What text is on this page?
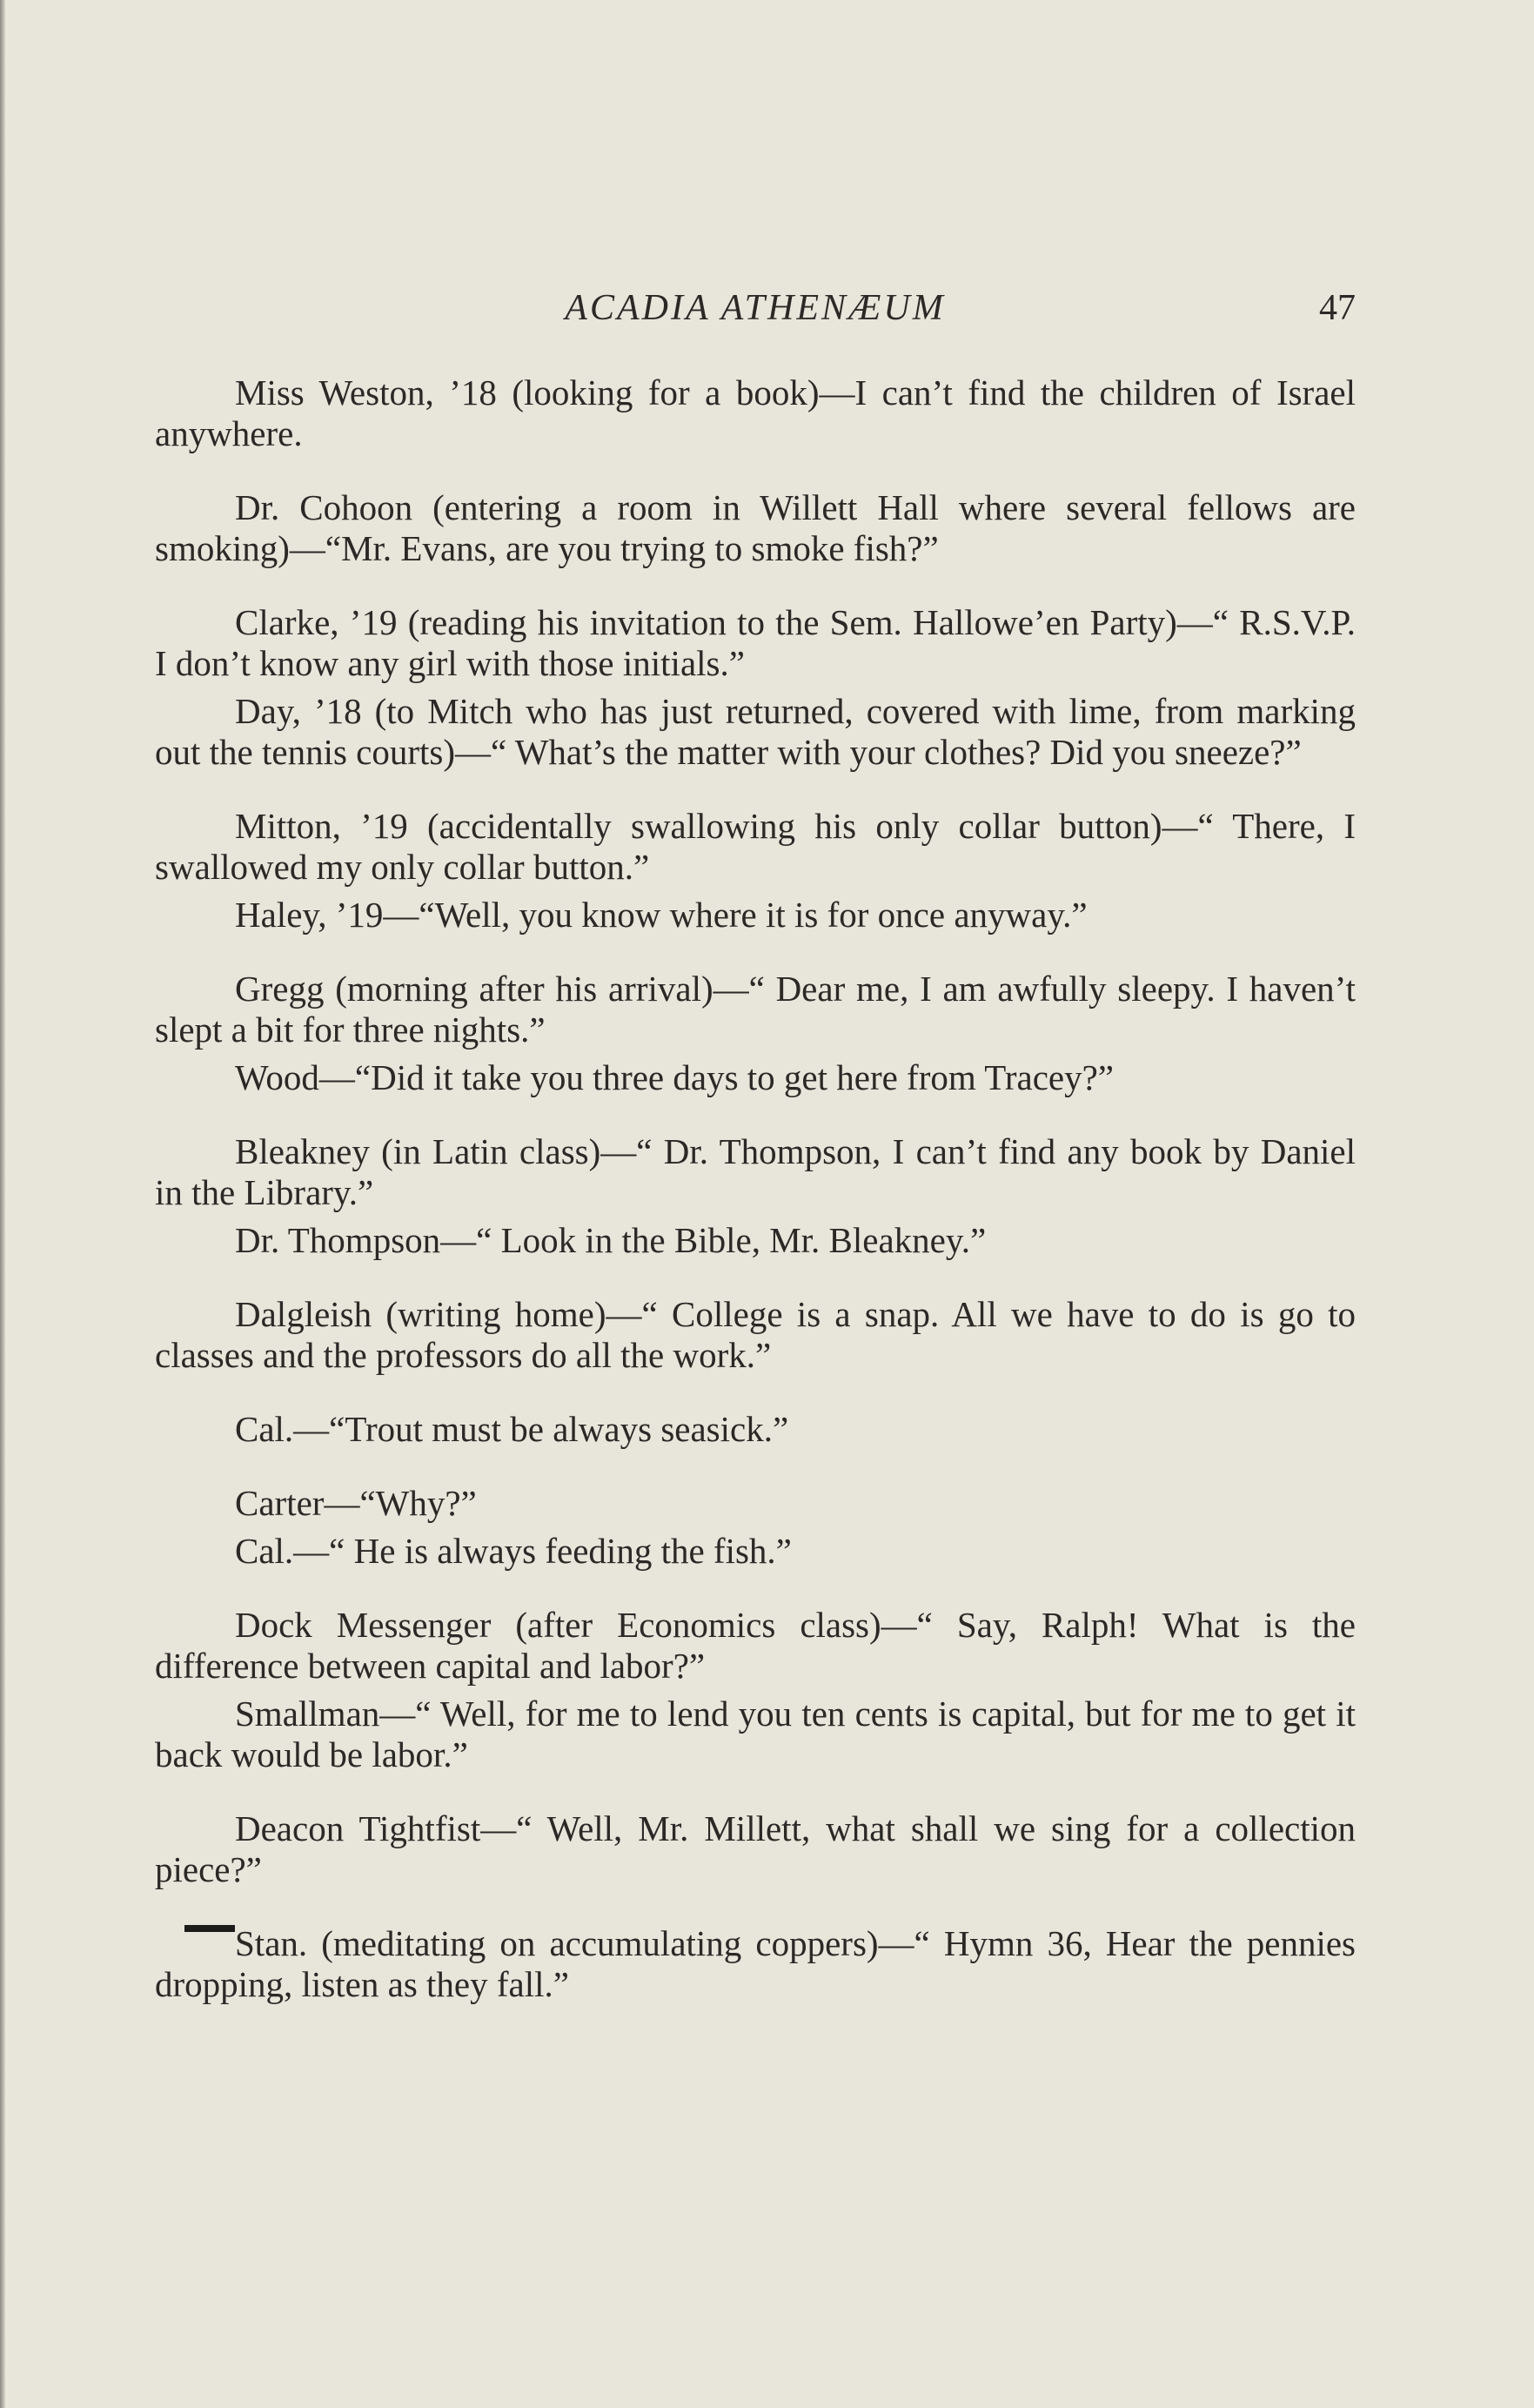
ACADIA ATHENÆUM	47

Miss Weston, ’18 (looking for a book)—I can’t find the children of Israel anywhere.

Dr. Cohoon (entering a room in Willett Hall where several fellows are smoking)—“Mr. Evans, are you trying to smoke fish?”

Clarke, ’19 (reading his invitation to the Sem. Hallowe’en Party)—“ R.S.V.P. I don’t know any girl with those initials.”

Day, ’18 (to Mitch who has just returned, covered with lime, from marking out the tennis courts)—“ What’s the matter with your clothes? Did you sneeze?”

Mitton, ’19 (accidentally swallowing his only collar button)—“ There, I swallowed my only collar button.”

Haley, ’19—“Well, you know where it is for once anyway.”

Gregg (morning after his arrival)—“ Dear me, I am awfully sleepy. I haven’t slept a bit for three nights.”

Wood—“Did it take you three days to get here from Tracey?”

Bleakney (in Latin class)—“ Dr. Thompson, I can’t find any book by Daniel in the Library.”

Dr. Thompson—“ Look in the Bible, Mr. Bleakney.”

Dalgleish (writing home)—“ College is a snap. All we have to do is go to classes and the professors do all the work.”

Cal.—“Trout must be always seasick.”

Carter—“Why?”

Cal.—“ He is always feeding the fish.”

Dock Messenger (after Economics class)—“ Say, Ralph! What is the difference between capital and labor?”

Smallman—“ Well, for me to lend you ten cents is capital, but for me to get it back would be labor.”

Deacon Tightfist—“ Well, Mr. Millett, what shall we sing for a collection piece?”

Stan. (meditating on accumulating coppers)—“ Hymn 36, Hear the pennies dropping, listen as they fall.”
